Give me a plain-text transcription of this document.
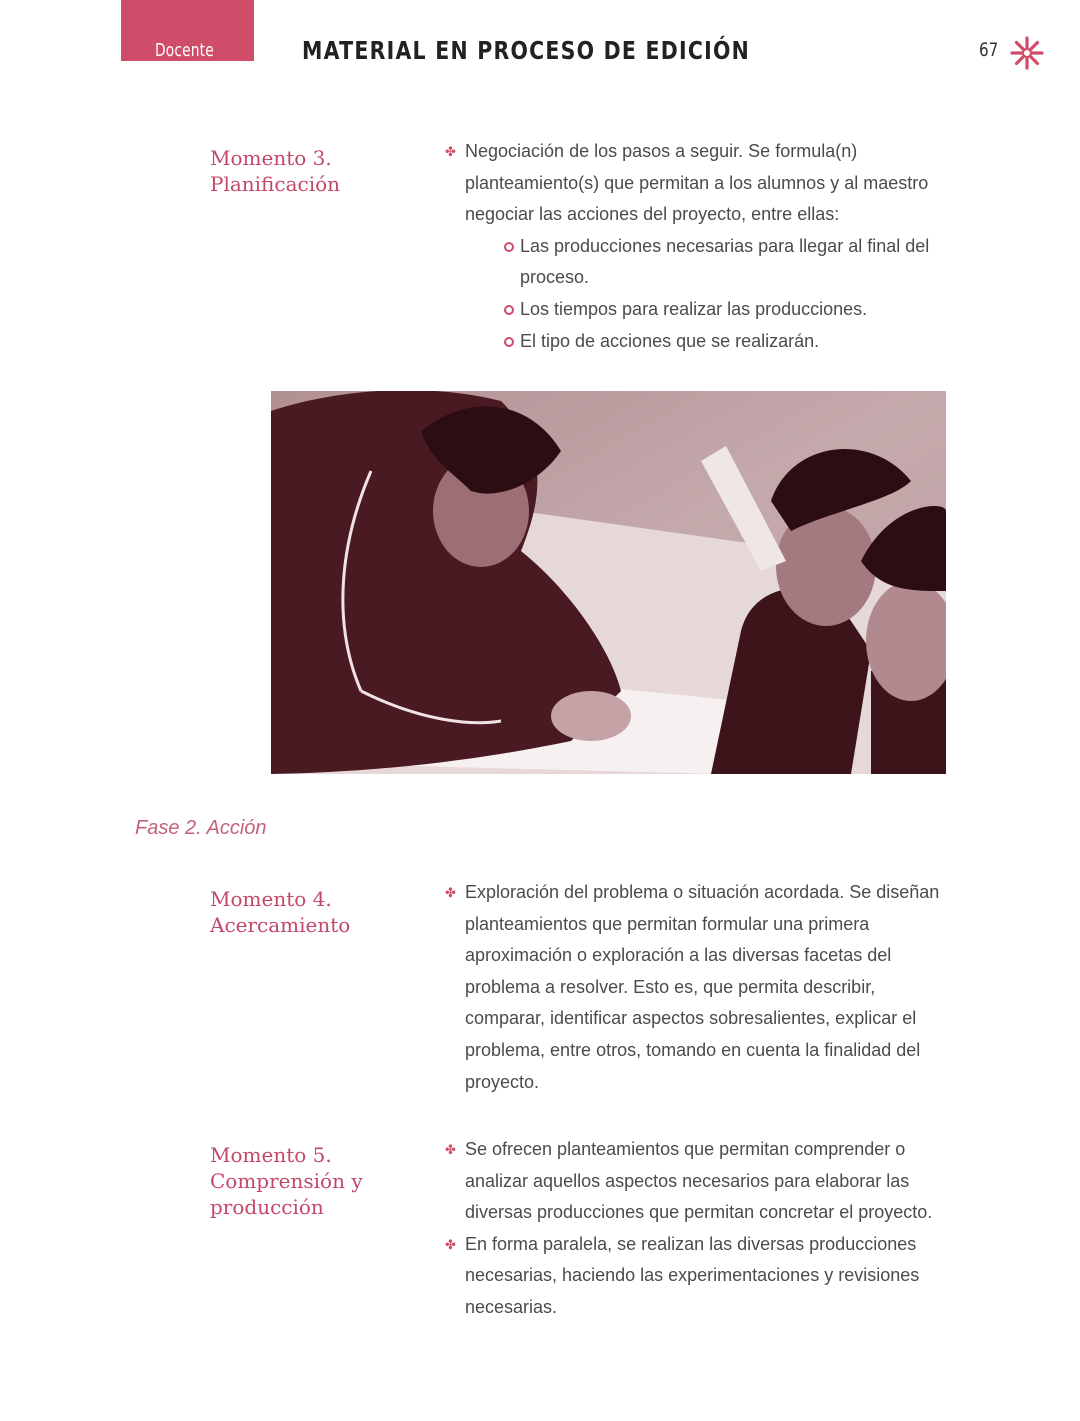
Docente	MATERIAL EN PROCESO DE EDICIÓN	67
Momento 3.
Planificación
✤ Negociación de los pasos a seguir. Se formula(n) planteamiento(s) que permitan a los alumnos y al maestro negociar las acciones del proyecto, entre ellas:
Las producciones necesarias para llegar al final del proceso.
Los tiempos para realizar las producciones.
El tipo de acciones que se realizarán.
Fase 2. Acción
Momento 4.
Acercamiento
✤ Exploración del problema o situación acordada. Se diseñan planteamientos que permitan formular una primera aproximación o exploración a las diversas facetas del problema a resolver. Esto es, que permita describir, comparar, identificar aspectos sobresalientes, explicar el problema, entre otros, tomando en cuenta la finalidad del proyecto.
Momento 5.
Comprensión y
producción
✤ Se ofrecen planteamientos que permitan comprender o analizar aquellos aspectos necesarios para elaborar las diversas producciones que permitan concretar el proyecto.
✤ En forma paralela, se realizan las diversas producciones necesarias, haciendo las experimentaciones y revisiones necesarias.
